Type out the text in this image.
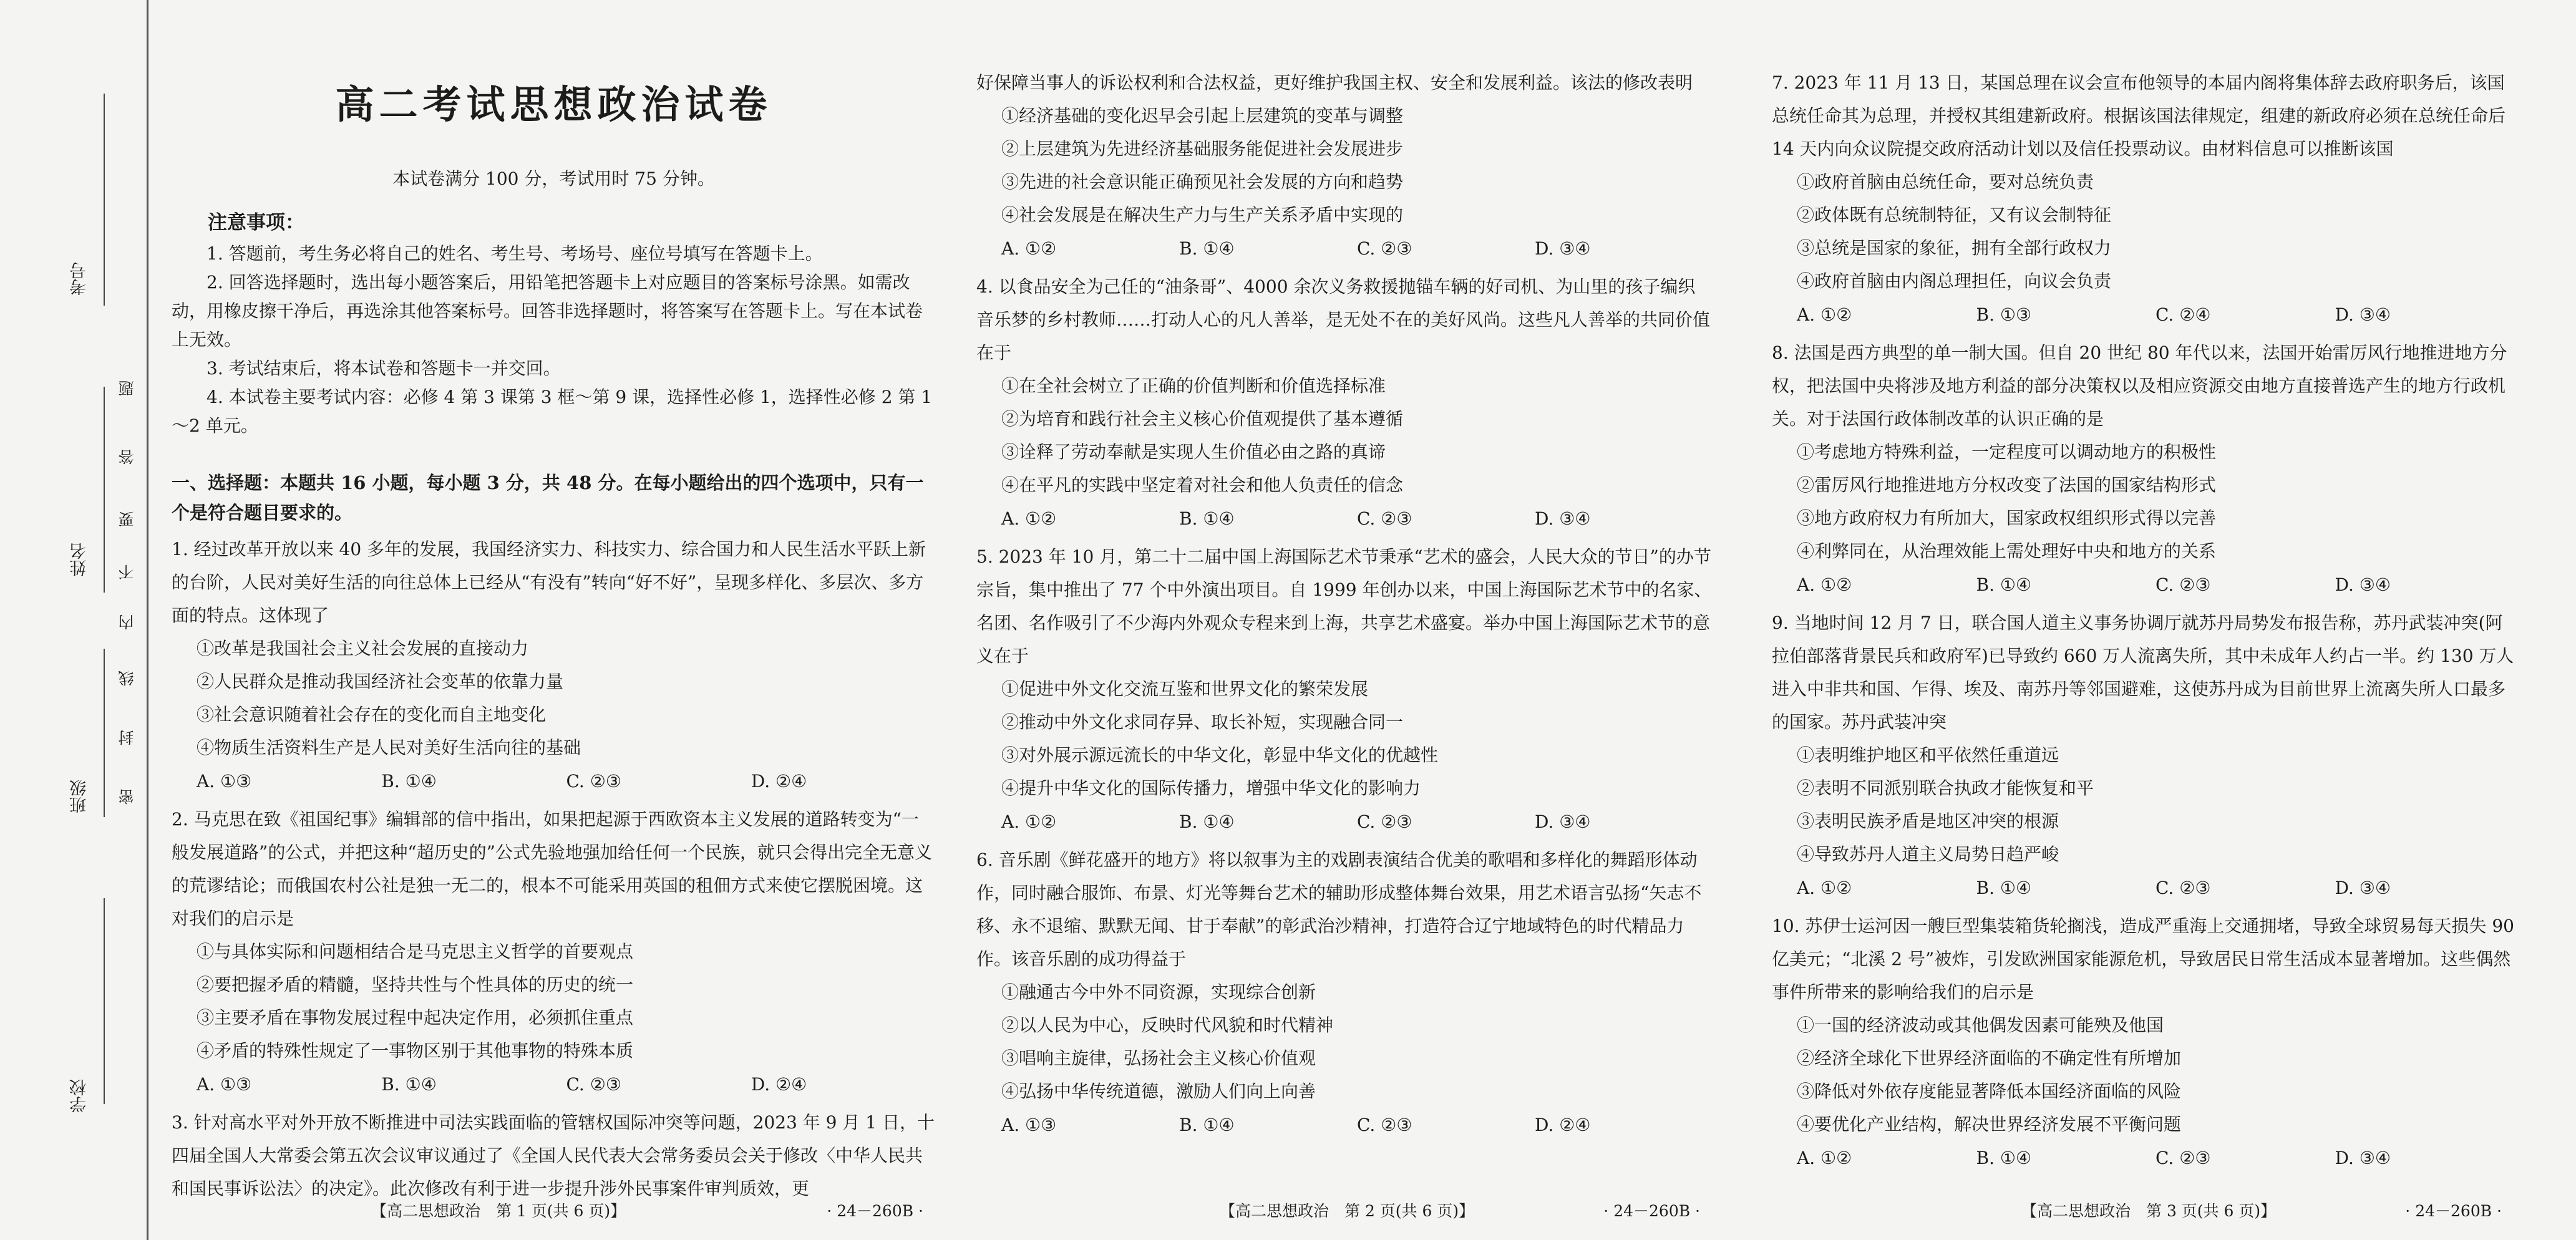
考号
姓名
班级
学校
题
答
要
不
内
线
封
密
高二考试思想政治试卷
本试卷满分 100 分，考试用时 75 分钟。
注意事项：

1. 答题前，考生务必将自己的姓名、考生号、考场号、座位号填写在答题卡上。

2. 回答选择题时，选出每小题答案后，用铅笔把答题卡上对应题目的答案标号涂黑。如需改动，用橡皮擦干净后，再选涂其他答案标号。回答非选择题时，将答案写在答题卡上。写在本试卷上无效。

3. 考试结束后，将本试卷和答题卡一并交回。

4. 本试卷主要考试内容：必修 4 第 3 课第 3 框～第 9 课，选择性必修 1，选择性必修 2 第 1～2 单元。

一、选择题：本题共 16 小题，每小题 3 分，共 48 分。在每小题给出的四个选项中，只有一个是符合题目要求的。

1. 经过改革开放以来 40 多年的发展，我国经济实力、科技实力、综合国力和人民生活水平跃上新的台阶，人民对美好生活的向往总体上已经从“有没有”转向“好不好”，呈现多样化、多层次、多方面的特点。这体现了

①改革是我国社会主义社会发展的直接动力
②人民群众是推动我国经济社会变革的依靠力量
③社会意识随着社会存在的变化而自主地变化
④物质生活资料生产是人民对美好生活向往的基础
A. ①③	B. ①④	C. ②③	D. ②④

2. 马克思在致《祖国纪事》编辑部的信中指出，如果把起源于西欧资本主义发展的道路转变为“一般发展道路”的公式，并把这种“超历史的”公式先验地强加给任何一个民族，就只会得出完全无意义的荒谬结论；而俄国农村公社是独一无二的，根本不可能采用英国的租佃方式来使它摆脱困境。这对我们的启示是

①与具体实际和问题相结合是马克思主义哲学的首要观点
②要把握矛盾的精髓，坚持共性与个性具体的历史的统一
③主要矛盾在事物发展过程中起决定作用，必须抓住重点
④矛盾的特殊性规定了一事物区别于其他事物的特殊本质
A. ①③	B. ①④	C. ②③	D. ②④

3. 针对高水平对外开放不断推进中司法实践面临的管辖权国际冲突等问题，2023 年 9 月 1 日，十四届全国人大常委会第五次会议审议通过了《全国人民代表大会常务委员会关于修改〈中华人民共和国民事诉讼法〉的决定》。此次修改有利于进一步提升涉外民事案件审判质效，更

【高二思想政治　第 1 页(共 6 页)】	· 24－260B ·

好保障当事人的诉讼权利和合法权益，更好维护我国主权、安全和发展利益。该法的修改表明

①经济基础的变化迟早会引起上层建筑的变革与调整
②上层建筑为先进经济基础服务能促进社会发展进步
③先进的社会意识能正确预见社会发展的方向和趋势
④社会发展是在解决生产力与生产关系矛盾中实现的
A. ①②	B. ①④	C. ②③	D. ③④

4. 以食品安全为己任的“油条哥”、4000 余次义务救援抛锚车辆的好司机、为山里的孩子编织音乐梦的乡村教师……打动人心的凡人善举，是无处不在的美好风尚。这些凡人善举的共同价值在于

①在全社会树立了正确的价值判断和价值选择标准
②为培育和践行社会主义核心价值观提供了基本遵循
③诠释了劳动奉献是实现人生价值必由之路的真谛
④在平凡的实践中坚定着对社会和他人负责任的信念
A. ①②	B. ①④	C. ②③	D. ③④

5. 2023 年 10 月，第二十二届中国上海国际艺术节秉承“艺术的盛会，人民大众的节日”的办节宗旨，集中推出了 77 个中外演出项目。自 1999 年创办以来，中国上海国际艺术节中的名家、名团、名作吸引了不少海内外观众专程来到上海，共享艺术盛宴。举办中国上海国际艺术节的意义在于

①促进中外文化交流互鉴和世界文化的繁荣发展
②推动中外文化求同存异、取长补短，实现融合同一
③对外展示源远流长的中华文化，彰显中华文化的优越性
④提升中华文化的国际传播力，增强中华文化的影响力
A. ①②	B. ①④	C. ②③	D. ③④

6. 音乐剧《鲜花盛开的地方》将以叙事为主的戏剧表演结合优美的歌唱和多样化的舞蹈形体动作，同时融合服饰、布景、灯光等舞台艺术的辅助形成整体舞台效果，用艺术语言弘扬“矢志不移、永不退缩、默默无闻、甘于奉献”的彰武治沙精神，打造符合辽宁地域特色的时代精品力作。该音乐剧的成功得益于

①融通古今中外不同资源，实现综合创新
②以人民为中心，反映时代风貌和时代精神
③唱响主旋律，弘扬社会主义核心价值观
④弘扬中华传统道德，激励人们向上向善
A. ①③	B. ①④	C. ②③	D. ②④
【高二思想政治　第 2 页(共 6 页)】	· 24－260B ·

7. 2023 年 11 月 13 日，某国总理在议会宣布他领导的本届内阁将集体辞去政府职务后，该国总统任命其为总理，并授权其组建新政府。根据该国法律规定，组建的新政府必须在总统任命后 14 天内向众议院提交政府活动计划以及信任投票动议。由材料信息可以推断该国

①政府首脑由总统任命，要对总统负责
②政体既有总统制特征，又有议会制特征
③总统是国家的象征，拥有全部行政权力
④政府首脑由内阁总理担任，向议会负责
A. ①②	B. ①③	C. ②④	D. ③④

8. 法国是西方典型的单一制大国。但自 20 世纪 80 年代以来，法国开始雷厉风行地推进地方分权，把法国中央将涉及地方利益的部分决策权以及相应资源交由地方直接普选产生的地方行政机关。对于法国行政体制改革的认识正确的是

①考虑地方特殊利益，一定程度可以调动地方的积极性
②雷厉风行地推进地方分权改变了法国的国家结构形式
③地方政府权力有所加大，国家政权组织形式得以完善
④利弊同在，从治理效能上需处理好中央和地方的关系
A. ①②	B. ①④	C. ②③	D. ③④

9. 当地时间 12 月 7 日，联合国人道主义事务协调厅就苏丹局势发布报告称，苏丹武装冲突(阿拉伯部落背景民兵和政府军)已导致约 660 万人流离失所，其中未成年人约占一半。约 130 万人进入中非共和国、乍得、埃及、南苏丹等邻国避难，这使苏丹成为目前世界上流离失所人口最多的国家。苏丹武装冲突

①表明维护地区和平依然任重道远
②表明不同派别联合执政才能恢复和平
③表明民族矛盾是地区冲突的根源
④导致苏丹人道主义局势日趋严峻
A. ①②	B. ①④	C. ②③	D. ③④

10. 苏伊士运河因一艘巨型集装箱货轮搁浅，造成严重海上交通拥堵，导致全球贸易每天损失 90 亿美元；“北溪 2 号”被炸，引发欧洲国家能源危机，导致居民日常生活成本显著增加。这些偶然事件所带来的影响给我们的启示是

①一国的经济波动或其他偶发因素可能殃及他国
②经济全球化下世界经济面临的不确定性有所增加
③降低对外依存度能显著降低本国经济面临的风险
④要优化产业结构，解决世界经济发展不平衡问题
A. ①②	B. ①④	C. ②③	D. ③④
【高二思想政治　第 3 页(共 6 页)】	· 24－260B ·
